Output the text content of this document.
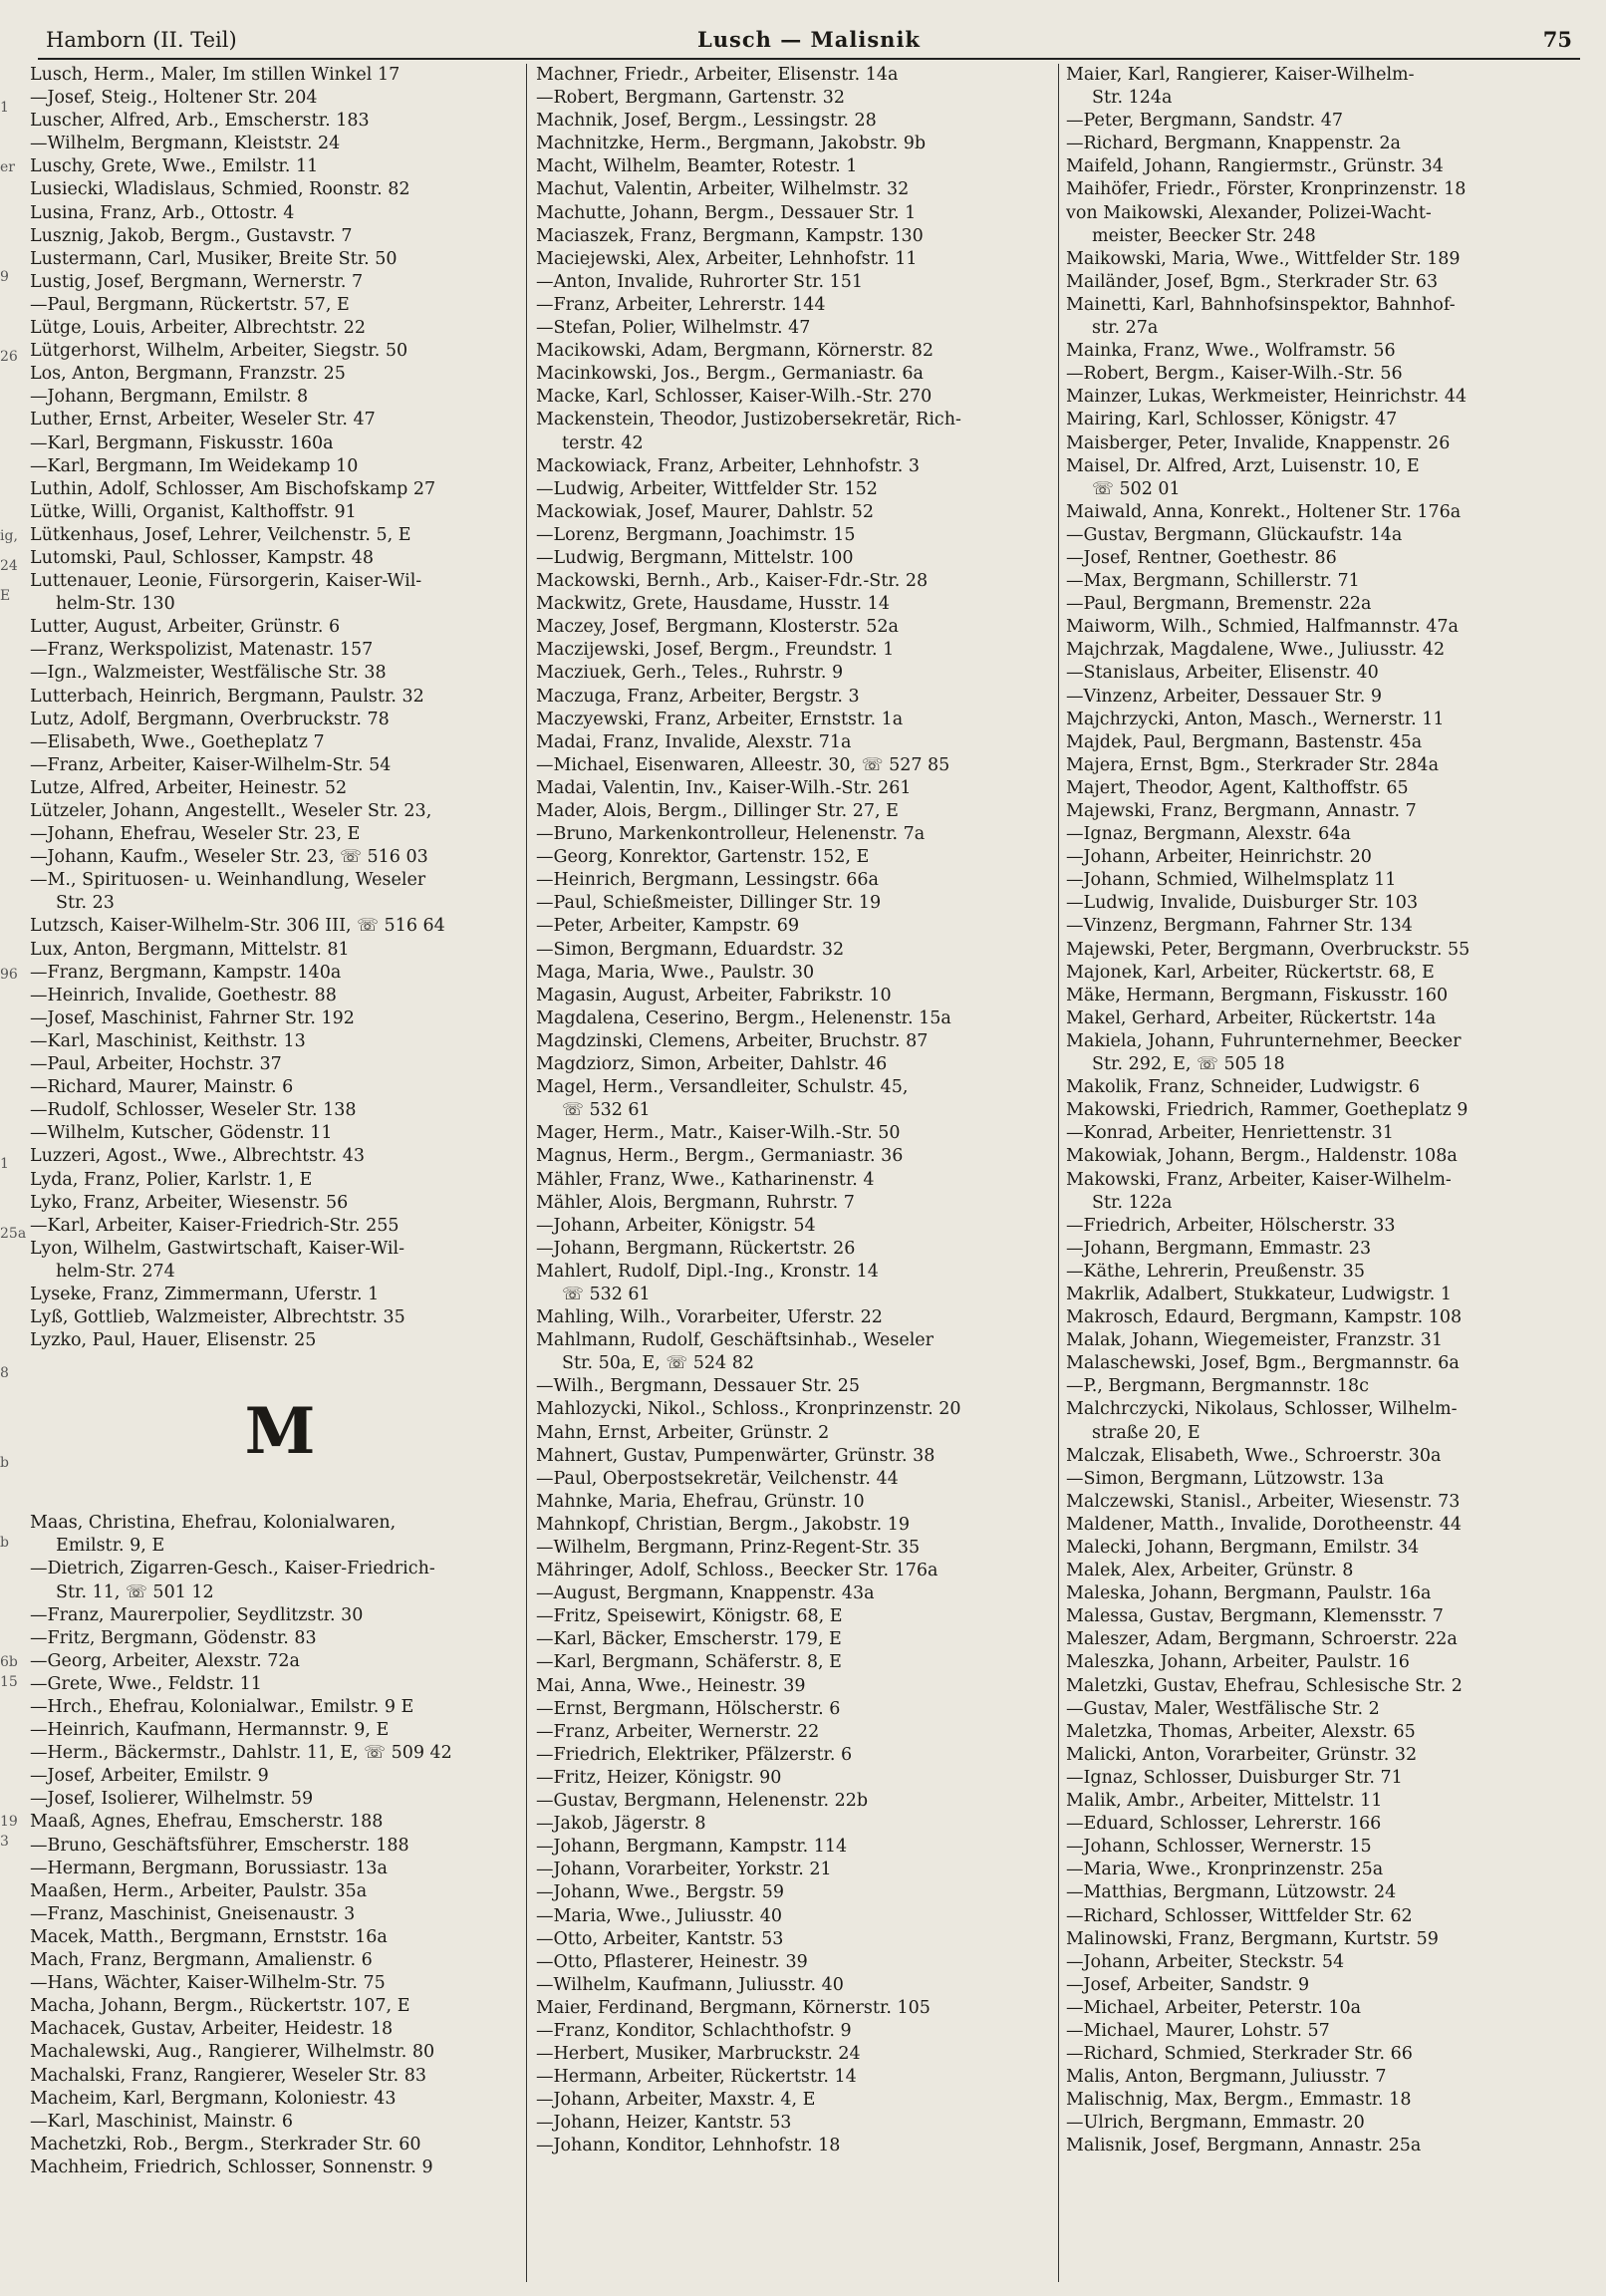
Hamborn (II. Teil)	Lusch — Malisnik	75
1
er
9
26
ig,
24
E
96
1
25a
8
b
b
6b
15
19
3
Lusch, Herm., Maler, Im stillen Winkel 17
—Josef, Steig., Holtener Str. 204
Luscher, Alfred, Arb., Emscherstr. 183
—Wilhelm, Bergmann, Kleiststr. 24
Luschy, Grete, Wwe., Emilstr. 11
Lusiecki, Wladislaus, Schmied, Roonstr. 82
Lusina, Franz, Arb., Ottostr. 4
Lusznig, Jakob, Bergm., Gustavstr. 7
Lustermann, Carl, Musiker, Breite Str. 50
Lustig, Josef, Bergmann, Wernerstr. 7
—Paul, Bergmann, Rückertstr. 57, E
Lütge, Louis, Arbeiter, Albrechtstr. 22
Lütgerhorst, Wilhelm, Arbeiter, Siegstr. 50
Los, Anton, Bergmann, Franzstr. 25
—Johann, Bergmann, Emilstr. 8
Luther, Ernst, Arbeiter, Weseler Str. 47
—Karl, Bergmann, Fiskusstr. 160a
—Karl, Bergmann, Im Weidekamp 10
Luthin, Adolf, Schlosser, Am Bischofskamp 27
Lütke, Willi, Organist, Kalthoffstr. 91
Lütkenhaus, Josef, Lehrer, Veilchenstr. 5, E
Lutomski, Paul, Schlosser, Kampstr. 48
Luttenauer, Leonie, Fürsorgerin, Kaiser-Wil-
helm-Str. 130
Lutter, August, Arbeiter, Grünstr. 6
—Franz, Werkspolizist, Matenastr. 157
—Ign., Walzmeister, Westfälische Str. 38
Lutterbach, Heinrich, Bergmann, Paulstr. 32
Lutz, Adolf, Bergmann, Overbruckstr. 78
—Elisabeth, Wwe., Goetheplatz 7
—Franz, Arbeiter, Kaiser-Wilhelm-Str. 54
Lutze, Alfred, Arbeiter, Heinestr. 52
Lützeler, Johann, Angestellt., Weseler Str. 23,
—Johann, Ehefrau, Weseler Str. 23, E
—Johann, Kaufm., Weseler Str. 23, ☏ 516 03
—M., Spirituosen- u. Weinhandlung, Weseler
Str. 23
Lutzsch, Kaiser-Wilhelm-Str. 306 III, ☏ 516 64
Lux, Anton, Bergmann, Mittelstr. 81
—Franz, Bergmann, Kampstr. 140a
—Heinrich, Invalide, Goethestr. 88
—Josef, Maschinist, Fahrner Str. 192
—Karl, Maschinist, Keithstr. 13
—Paul, Arbeiter, Hochstr. 37
—Richard, Maurer, Mainstr. 6
—Rudolf, Schlosser, Weseler Str. 138
—Wilhelm, Kutscher, Gödenstr. 11
Luzzeri, Agost., Wwe., Albrechtstr. 43
Lyda, Franz, Polier, Karlstr. 1, E
Lyko, Franz, Arbeiter, Wiesenstr. 56
—Karl, Arbeiter, Kaiser-Friedrich-Str. 255
Lyon, Wilhelm, Gastwirtschaft, Kaiser-Wil-
helm-Str. 274
Lyseke, Franz, Zimmermann, Uferstr. 1
Lyß, Gottlieb, Walzmeister, Albrechtstr. 35
Lyzko, Paul, Hauer, Elisenstr. 25
M
Maas, Christina, Ehefrau, Kolonialwaren,
Emilstr. 9, E
—Dietrich, Zigarren-Gesch., Kaiser-Friedrich-
Str. 11, ☏ 501 12
—Franz, Maurerpolier, Seydlitzstr. 30
—Fritz, Bergmann, Gödenstr. 83
—Georg, Arbeiter, Alexstr. 72a
—Grete, Wwe., Feldstr. 11
—Hrch., Ehefrau, Kolonialwar., Emilstr. 9 E
—Heinrich, Kaufmann, Hermannstr. 9, E
—Herm., Bäckermstr., Dahlstr. 11, E, ☏ 509 42
—Josef, Arbeiter, Emilstr. 9
—Josef, Isolierer, Wilhelmstr. 59
Maaß, Agnes, Ehefrau, Emscherstr. 188
—Bruno, Geschäftsführer, Emscherstr. 188
—Hermann, Bergmann, Borussiastr. 13a
Maaßen, Herm., Arbeiter, Paulstr. 35a
—Franz, Maschinist, Gneisenaustr. 3
Macek, Matth., Bergmann, Ernststr. 16a
Mach, Franz, Bergmann, Amalienstr. 6
—Hans, Wächter, Kaiser-Wilhelm-Str. 75
Macha, Johann, Bergm., Rückertstr. 107, E
Machacek, Gustav, Arbeiter, Heidestr. 18
Machalewski, Aug., Rangierer, Wilhelmstr. 80
Machalski, Franz, Rangierer, Weseler Str. 83
Macheim, Karl, Bergmann, Koloniestr. 43
—Karl, Maschinist, Mainstr. 6
Machetzki, Rob., Bergm., Sterkrader Str. 60
Machheim, Friedrich, Schlosser, Sonnenstr. 9
Machner, Friedr., Arbeiter, Elisenstr. 14a
—Robert, Bergmann, Gartenstr. 32
Machnik, Josef, Bergm., Lessingstr. 28
Machnitzke, Herm., Bergmann, Jakobstr. 9b
Macht, Wilhelm, Beamter, Rotestr. 1
Machut, Valentin, Arbeiter, Wilhelmstr. 32
Machutte, Johann, Bergm., Dessauer Str. 1
Maciaszek, Franz, Bergmann, Kampstr. 130
Maciejewski, Alex, Arbeiter, Lehnhofstr. 11
—Anton, Invalide, Ruhrorter Str. 151
—Franz, Arbeiter, Lehrerstr. 144
—Stefan, Polier, Wilhelmstr. 47
Macikowski, Adam, Bergmann, Körnerstr. 82
Macinkowski, Jos., Bergm., Germaniastr. 6a
Macke, Karl, Schlosser, Kaiser-Wilh.-Str. 270
Mackenstein, Theodor, Justizobersekretär, Rich-
terstr. 42
Mackowiack, Franz, Arbeiter, Lehnhofstr. 3
—Ludwig, Arbeiter, Wittfelder Str. 152
Mackowiak, Josef, Maurer, Dahlstr. 52
—Lorenz, Bergmann, Joachimstr. 15
—Ludwig, Bergmann, Mittelstr. 100
Mackowski, Bernh., Arb., Kaiser-Fdr.-Str. 28
Mackwitz, Grete, Hausdame, Husstr. 14
Maczey, Josef, Bergmann, Klosterstr. 52a
Maczijewski, Josef, Bergm., Freundstr. 1
Macziuek, Gerh., Teles., Ruhrstr. 9
Maczuga, Franz, Arbeiter, Bergstr. 3
Maczyewski, Franz, Arbeiter, Ernststr. 1a
Madai, Franz, Invalide, Alexstr. 71a
—Michael, Eisenwaren, Alleestr. 30, ☏ 527 85
Madai, Valentin, Inv., Kaiser-Wilh.-Str. 261
Mader, Alois, Bergm., Dillinger Str. 27, E
—Bruno, Markenkontrolleur, Helenenstr. 7a
—Georg, Konrektor, Gartenstr. 152, E
—Heinrich, Bergmann, Lessingstr. 66a
—Paul, Schießmeister, Dillinger Str. 19
—Peter, Arbeiter, Kampstr. 69
—Simon, Bergmann, Eduardstr. 32
Maga, Maria, Wwe., Paulstr. 30
Magasin, August, Arbeiter, Fabrikstr. 10
Magdalena, Ceserino, Bergm., Helenenstr. 15a
Magdzinski, Clemens, Arbeiter, Bruchstr. 87
Magdziorz, Simon, Arbeiter, Dahlstr. 46
Magel, Herm., Versandleiter, Schulstr. 45,
☏ 532 61
Mager, Herm., Matr., Kaiser-Wilh.-Str. 50
Magnus, Herm., Bergm., Germaniastr. 36
Mähler, Franz, Wwe., Katharinenstr. 4
Mähler, Alois, Bergmann, Ruhrstr. 7
—Johann, Arbeiter, Königstr. 54
—Johann, Bergmann, Rückertstr. 26
Mahlert, Rudolf, Dipl.-Ing., Kronstr. 14
☏ 532 61
Mahling, Wilh., Vorarbeiter, Uferstr. 22
Mahlmann, Rudolf, Geschäftsinhab., Weseler
Str. 50a, E, ☏ 524 82
—Wilh., Bergmann, Dessauer Str. 25
Mahlozycki, Nikol., Schloss., Kronprinzenstr. 20
Mahn, Ernst, Arbeiter, Grünstr. 2
Mahnert, Gustav, Pumpenwärter, Grünstr. 38
—Paul, Oberpostsekretär, Veilchenstr. 44
Mahnke, Maria, Ehefrau, Grünstr. 10
Mahnkopf, Christian, Bergm., Jakobstr. 19
—Wilhelm, Bergmann, Prinz-Regent-Str. 35
Mähringer, Adolf, Schloss., Beecker Str. 176a
—August, Bergmann, Knappenstr. 43a
—Fritz, Speisewirt, Königstr. 68, E
—Karl, Bäcker, Emscherstr. 179, E
—Karl, Bergmann, Schäferstr. 8, E
Mai, Anna, Wwe., Heinestr. 39
—Ernst, Bergmann, Hölscherstr. 6
—Franz, Arbeiter, Wernerstr. 22
—Friedrich, Elektriker, Pfälzerstr. 6
—Fritz, Heizer, Königstr. 90
—Gustav, Bergmann, Helenenstr. 22b
—Jakob, Jägerstr. 8
—Johann, Bergmann, Kampstr. 114
—Johann, Vorarbeiter, Yorkstr. 21
—Johann, Wwe., Bergstr. 59
—Maria, Wwe., Juliusstr. 40
—Otto, Arbeiter, Kantstr. 53
—Otto, Pflasterer, Heinestr. 39
—Wilhelm, Kaufmann, Juliusstr. 40
Maier, Ferdinand, Bergmann, Körnerstr. 105
—Franz, Konditor, Schlachthofstr. 9
—Herbert, Musiker, Marbruckstr. 24
—Hermann, Arbeiter, Rückertstr. 14
—Johann, Arbeiter, Maxstr. 4, E
—Johann, Heizer, Kantstr. 53
—Johann, Konditor, Lehnhofstr. 18
Maier, Karl, Rangierer, Kaiser-Wilhelm-
Str. 124a
—Peter, Bergmann, Sandstr. 47
—Richard, Bergmann, Knappenstr. 2a
Maifeld, Johann, Rangiermstr., Grünstr. 34
Maihöfer, Friedr., Förster, Kronprinzenstr. 18
von Maikowski, Alexander, Polizei-Wacht-
meister, Beecker Str. 248
Maikowski, Maria, Wwe., Wittfelder Str. 189
Mailänder, Josef, Bgm., Sterkrader Str. 63
Mainetti, Karl, Bahnhofsinspektor, Bahnhof-
str. 27a
Mainka, Franz, Wwe., Wolframstr. 56
—Robert, Bergm., Kaiser-Wilh.-Str. 56
Mainzer, Lukas, Werkmeister, Heinrichstr. 44
Mairing, Karl, Schlosser, Königstr. 47
Maisberger, Peter, Invalide, Knappenstr. 26
Maisel, Dr. Alfred, Arzt, Luisenstr. 10, E
☏ 502 01
Maiwald, Anna, Konrekt., Holtener Str. 176a
—Gustav, Bergmann, Glückaufstr. 14a
—Josef, Rentner, Goethestr. 86
—Max, Bergmann, Schillerstr. 71
—Paul, Bergmann, Bremenstr. 22a
Maiworm, Wilh., Schmied, Halfmannstr. 47a
Majchrzak, Magdalene, Wwe., Juliusstr. 42
—Stanislaus, Arbeiter, Elisenstr. 40
—Vinzenz, Arbeiter, Dessauer Str. 9
Majchrzycki, Anton, Masch., Wernerstr. 11
Majdek, Paul, Bergmann, Bastenstr. 45a
Majera, Ernst, Bgm., Sterkrader Str. 284a
Majert, Theodor, Agent, Kalthoffstr. 65
Majewski, Franz, Bergmann, Annastr. 7
—Ignaz, Bergmann, Alexstr. 64a
—Johann, Arbeiter, Heinrichstr. 20
—Johann, Schmied, Wilhelmsplatz 11
—Ludwig, Invalide, Duisburger Str. 103
—Vinzenz, Bergmann, Fahrner Str. 134
Majewski, Peter, Bergmann, Overbruckstr. 55
Majonek, Karl, Arbeiter, Rückertstr. 68, E
Mäke, Hermann, Bergmann, Fiskusstr. 160
Makel, Gerhard, Arbeiter, Rückertstr. 14a
Makiela, Johann, Fuhrunternehmer, Beecker
Str. 292, E, ☏ 505 18
Makolik, Franz, Schneider, Ludwigstr. 6
Makowski, Friedrich, Rammer, Goetheplatz 9
—Konrad, Arbeiter, Henriettenstr. 31
Makowiak, Johann, Bergm., Haldenstr. 108a
Makowski, Franz, Arbeiter, Kaiser-Wilhelm-
Str. 122a
—Friedrich, Arbeiter, Hölscherstr. 33
—Johann, Bergmann, Emmastr. 23
—Käthe, Lehrerin, Preußenstr. 35
Makrlik, Adalbert, Stukkateur, Ludwigstr. 1
Makrosch, Edaurd, Bergmann, Kampstr. 108
Malak, Johann, Wiegemeister, Franzstr. 31
Malaschewski, Josef, Bgm., Bergmannstr. 6a
—P., Bergmann, Bergmannstr. 18c
Malchrczycki, Nikolaus, Schlosser, Wilhelm-
straße 20, E
Malczak, Elisabeth, Wwe., Schroerstr. 30a
—Simon, Bergmann, Lützowstr. 13a
Malczewski, Stanisl., Arbeiter, Wiesenstr. 73
Maldener, Matth., Invalide, Dorotheenstr. 44
Malecki, Johann, Bergmann, Emilstr. 34
Malek, Alex, Arbeiter, Grünstr. 8
Maleska, Johann, Bergmann, Paulstr. 16a
Malessa, Gustav, Bergmann, Klemensstr. 7
Maleszer, Adam, Bergmann, Schroerstr. 22a
Maleszka, Johann, Arbeiter, Paulstr. 16
Maletzki, Gustav, Ehefrau, Schlesische Str. 2
—Gustav, Maler, Westfälische Str. 2
Maletzka, Thomas, Arbeiter, Alexstr. 65
Malicki, Anton, Vorarbeiter, Grünstr. 32
—Ignaz, Schlosser, Duisburger Str. 71
Malik, Ambr., Arbeiter, Mittelstr. 11
—Eduard, Schlosser, Lehrerstr. 166
—Johann, Schlosser, Wernerstr. 15
—Maria, Wwe., Kronprinzenstr. 25a
—Matthias, Bergmann, Lützowstr. 24
—Richard, Schlosser, Wittfelder Str. 62
Malinowski, Franz, Bergmann, Kurtstr. 59
—Johann, Arbeiter, Steckstr. 54
—Josef, Arbeiter, Sandstr. 9
—Michael, Arbeiter, Peterstr. 10a
—Michael, Maurer, Lohstr. 57
—Richard, Schmied, Sterkrader Str. 66
Malis, Anton, Bergmann, Juliusstr. 7
Malischnig, Max, Bergm., Emmastr. 18
—Ulrich, Bergmann, Emmastr. 20
Malisnik, Josef, Bergmann, Annastr. 25a
